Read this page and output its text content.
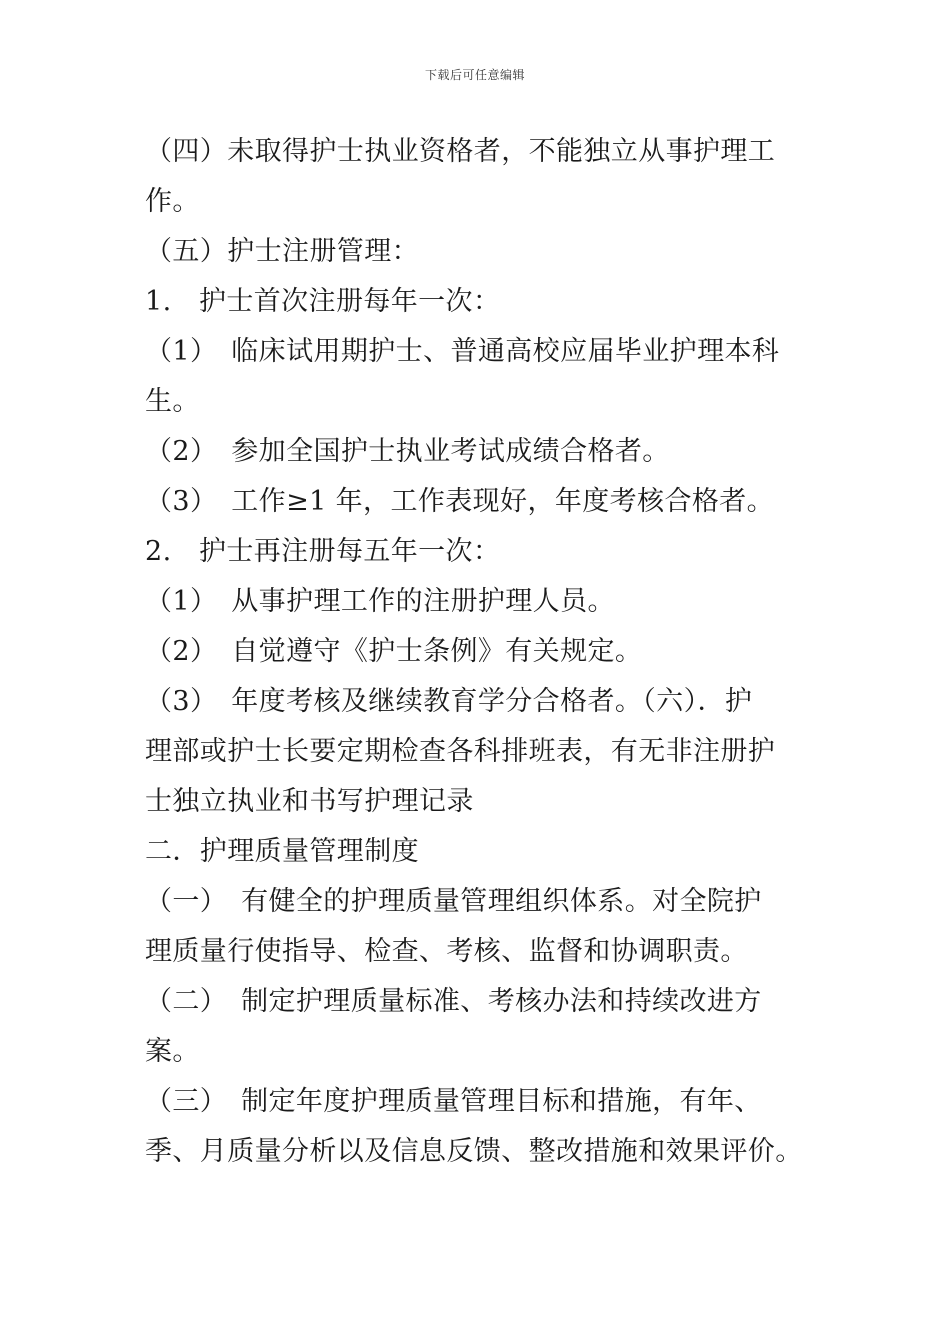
下载后可任意编辑
（四）未取得护士执业资格者，不能独立从事护理工
作。
（五）护士注册管理：
1.　护士首次注册每年一次：
（1）　临床试用期护士、普通高校应届毕业护理本科
生。
（2）　参加全国护士执业考试成绩合格者。
（3）　工作≥1 年，工作表现好，年度考核合格者。
2.　护士再注册每五年一次：
（1）　从事护理工作的注册护理人员。
（2）　自觉遵守《护士条例》有关规定。
（3）　年度考核及继续教育学分合格者。（六）．护
理部或护士长要定期检查各科排班表，有无非注册护
士独立执业和书写护理记录
二．护理质量管理制度
（一）　有健全的护理质量管理组织体系。对全院护
理质量行使指导、检查、考核、监督和协调职责。
（二）　制定护理质量标准、考核办法和持续改进方
案。
（三）　制定年度护理质量管理目标和措施，有年、
季、月质量分析以及信息反馈、整改措施和效果评价。
